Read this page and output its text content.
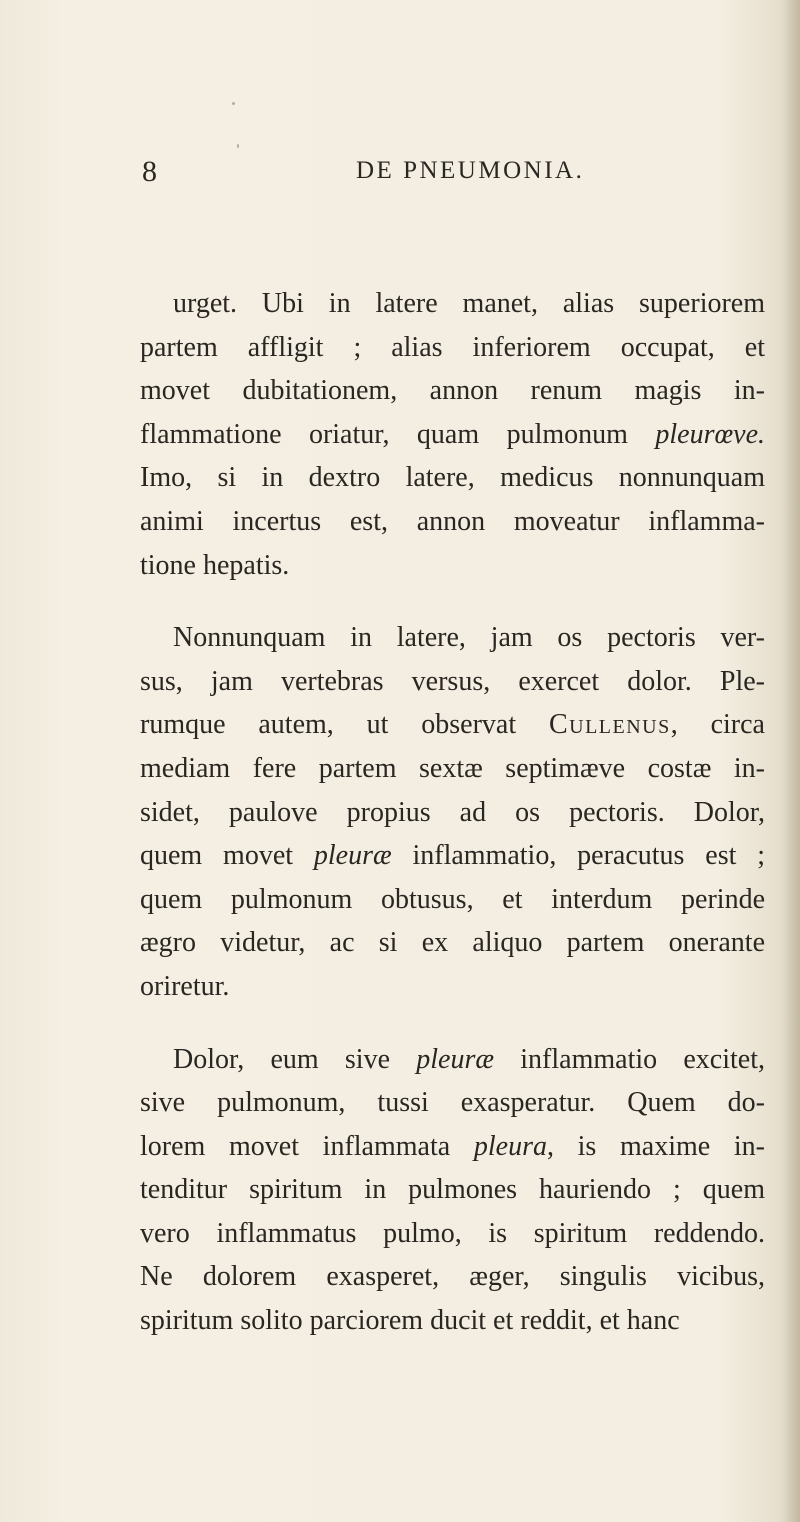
8	DE PNEUMONIA.
urget. Ubi in latere manet, alias superiorem
partem affligit ; alias inferiorem occupat, et
movet dubitationem, annon renum magis in-
flammatione oriatur, quam pulmonum pleurœve.
Imo, si in dextro latere, medicus nonnunquam
animi incertus est, annon moveatur inflamma-
tione hepatis.
Nonnunquam in latere, jam os pectoris ver-
sus, jam vertebras versus, exercet dolor. Ple-
rumque autem, ut observat Cullenus, circa
mediam fere partem sextæ septimæve costæ in-
sidet, paulove propius ad os pectoris. Dolor,
quem movet pleuræ inflammatio, peracutus est ;
quem pulmonum obtusus, et interdum perinde
ægro videtur, ac si ex aliquo partem onerante
oriretur.
Dolor, eum sive pleuræ inflammatio excitet,
sive pulmonum, tussi exasperatur. Quem do-
lorem movet inflammata pleura, is maxime in-
tenditur spiritum in pulmones hauriendo ; quem
vero inflammatus pulmo, is spiritum reddendo.
Ne dolorem exasperet, æger, singulis vicibus,
spiritum solito parciorem ducit et reddit, et hanc
